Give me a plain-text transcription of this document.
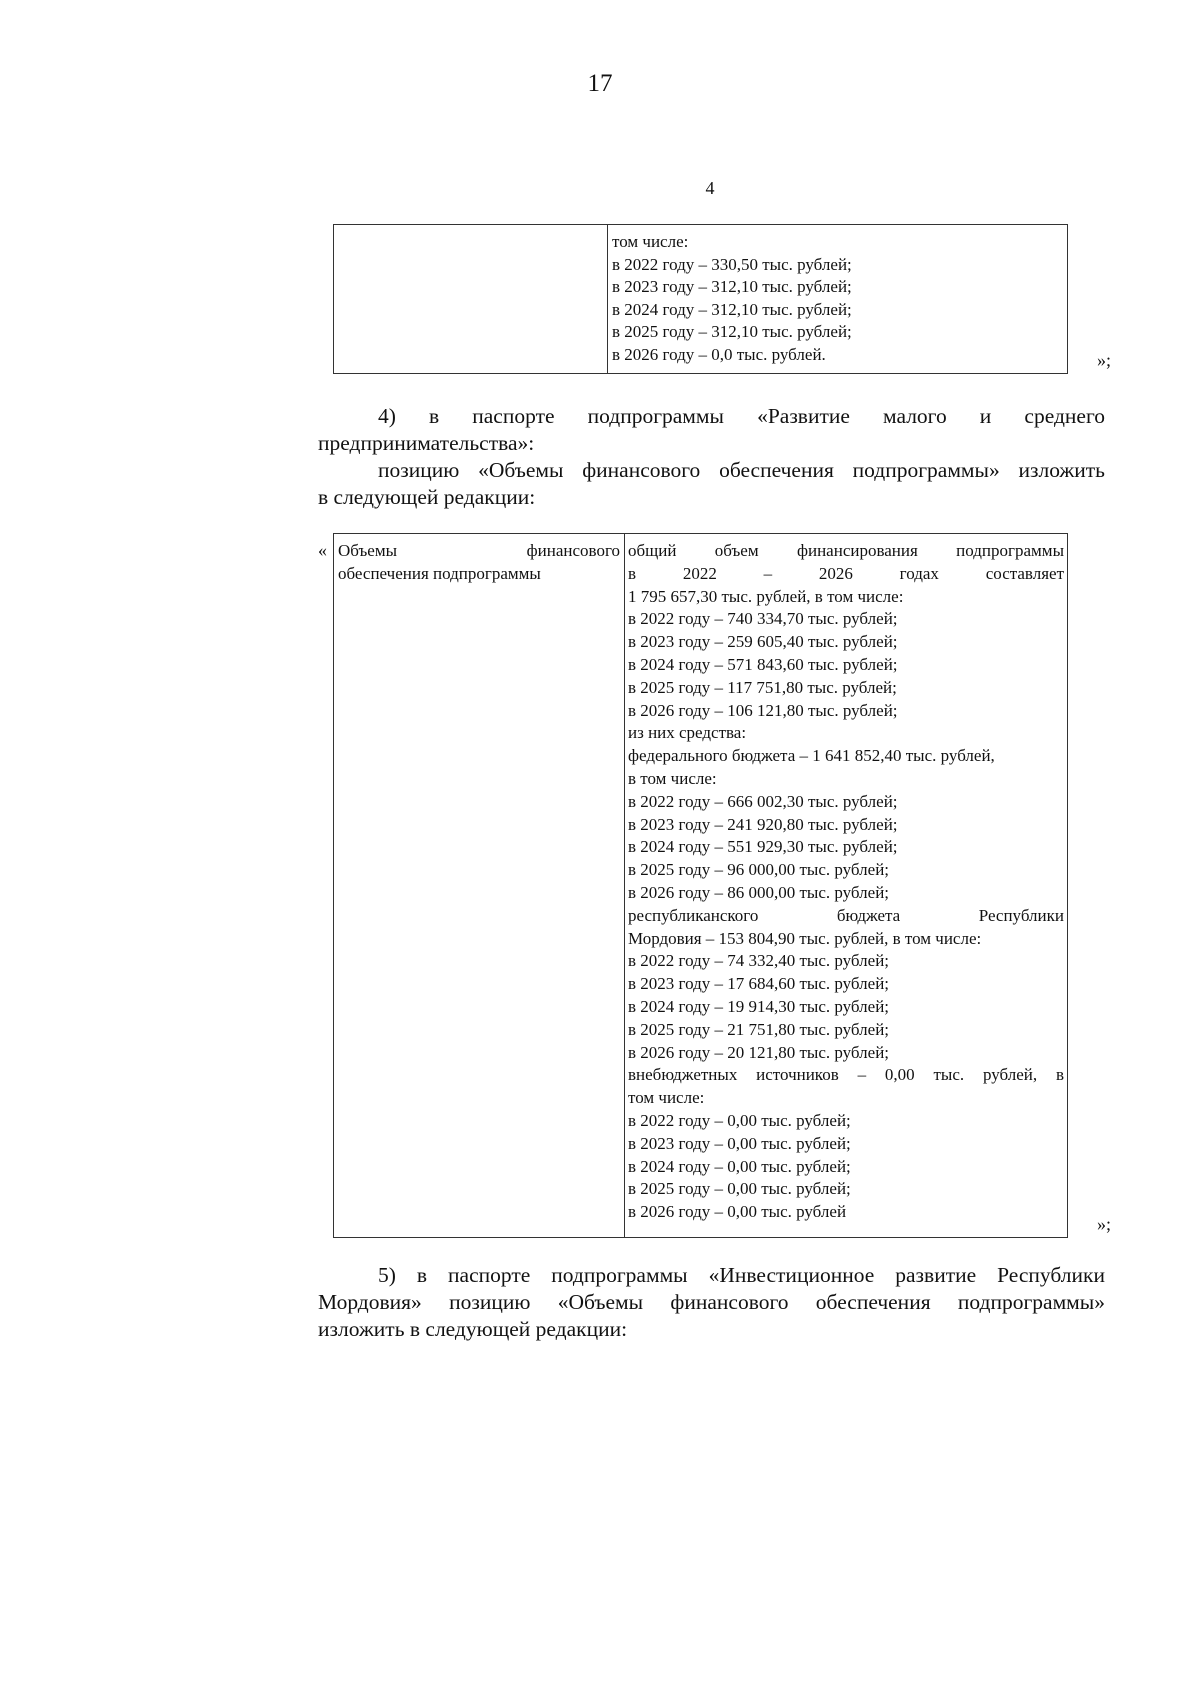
17
4
том числе:
в 2022 году – 330,50 тыс. рублей;
в 2023 году – 312,10 тыс. рублей;
в 2024 году – 312,10 тыс. рублей;
в 2025 году – 312,10 тыс. рублей;
в 2026 году – 0,0 тыс. рублей.	»;
4) в паспорте подпрограммы «Развитие малого и среднего
предпринимательства»:
позицию «Объемы финансового обеспечения подпрограммы» изложить
в следующей редакции:
« Объемы финансового
обеспечения подпрограммы
общий объем финансирования подпрограммы
в 2022 – 2026 годах составляет
1 795 657,30 тыс. рублей, в том числе:
в 2022 году – 740 334,70 тыс. рублей;
в 2023 году – 259 605,40 тыс. рублей;
в 2024 году – 571 843,60 тыс. рублей;
в 2025 году – 117 751,80 тыс. рублей;
в 2026 году – 106 121,80 тыс. рублей;
из них средства:
федерального бюджета – 1 641 852,40 тыс. рублей,
в том числе:
в 2022 году – 666 002,30 тыс. рублей;
в 2023 году – 241 920,80 тыс. рублей;
в 2024 году – 551 929,30 тыс. рублей;
в 2025 году – 96 000,00 тыс. рублей;
в 2026 году – 86 000,00 тыс. рублей;
республиканского бюджета Республики
Мордовия – 153 804,90 тыс. рублей, в том числе:
в 2022 году – 74 332,40 тыс. рублей;
в 2023 году – 17 684,60 тыс. рублей;
в 2024 году – 19 914,30 тыс. рублей;
в 2025 году – 21 751,80 тыс. рублей;
в 2026 году – 20 121,80 тыс. рублей;
внебюджетных источников – 0,00 тыс. рублей, в
том числе:
в 2022 году – 0,00 тыс. рублей;
в 2023 году – 0,00 тыс. рублей;
в 2024 году – 0,00 тыс. рублей;
в 2025 году – 0,00 тыс. рублей;
в 2026 году – 0,00 тыс. рублей
»;
5) в паспорте подпрограммы «Инвестиционное развитие Республики
Мордовия» позицию «Объемы финансового обеспечения подпрограммы»
изложить в следующей редакции:
